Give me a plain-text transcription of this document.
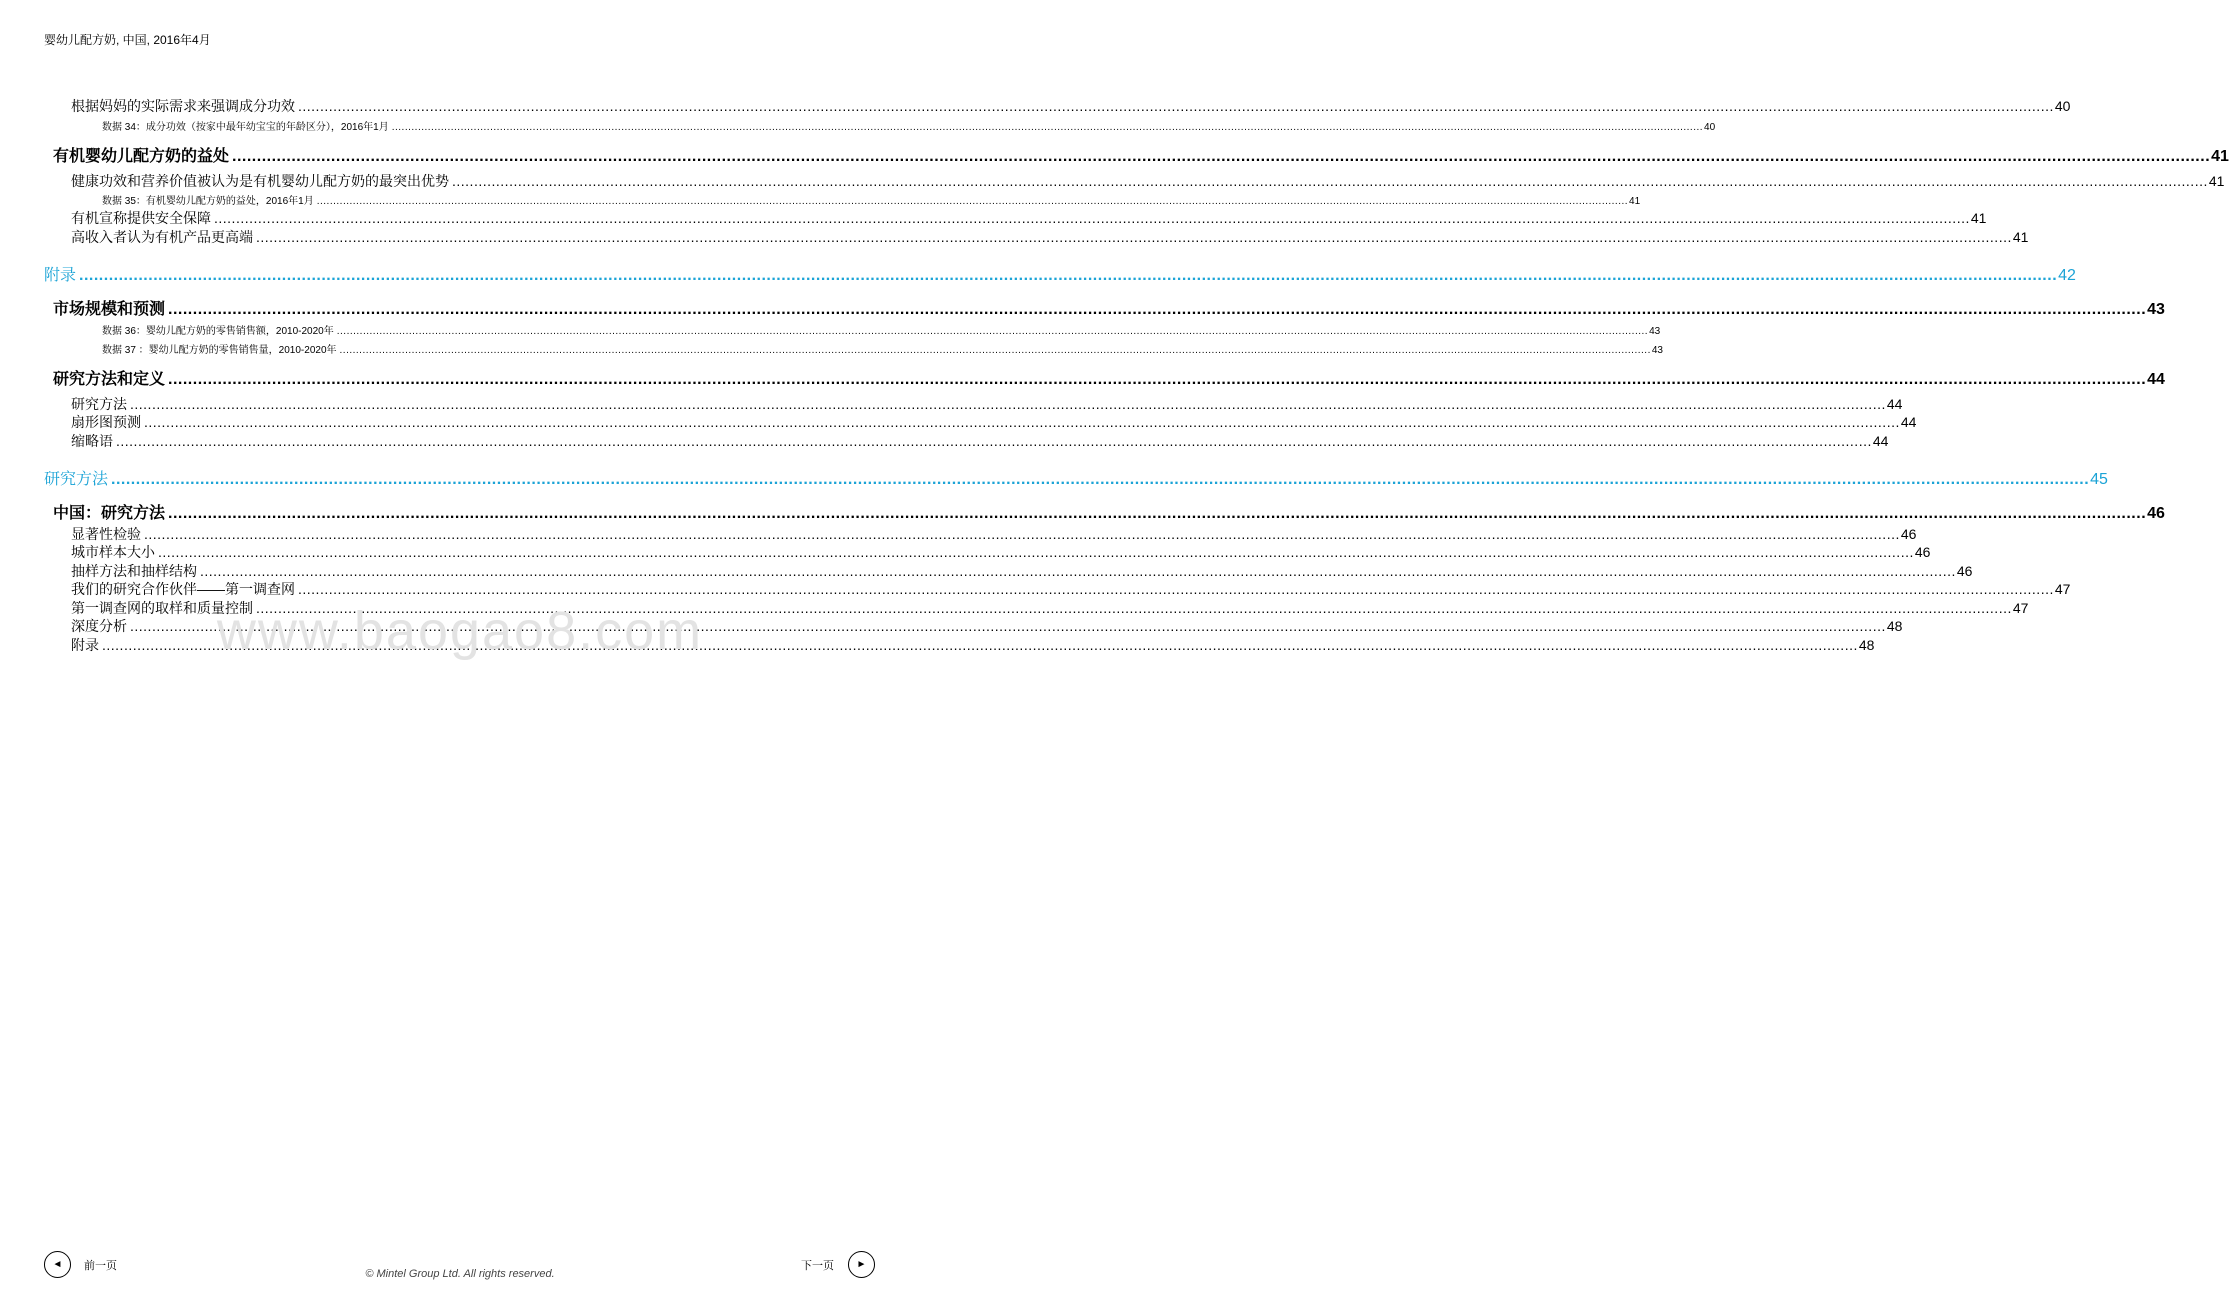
婴幼儿配方奶, 中国, 2016年4月
根据妈妈的实际需求来强调成分功效 ................................................................................................................................................................................................................................................................................................................................................................................................................ 40
数据 34：成分功效（按家中最年幼宝宝的年龄区分），2016年1月 ................................................................................................................................................................................................................................................................................................................................................................................................................ 40
有机婴幼儿配方奶的益处 ................................................................................................................................................................................................................................................................................................................................................................................................................ 41
健康功效和营养价值被认为是有机婴幼儿配方奶的最突出优势 ................................................................................................................................................................................................................................................................................................................................................................................................................ 41
数据 35：有机婴幼儿配方奶的益处，2016年1月 ................................................................................................................................................................................................................................................................................................................................................................................................................ 41
有机宣称提供安全保障 ................................................................................................................................................................................................................................................................................................................................................................................................................ 41
高收入者认为有机产品更高端 ................................................................................................................................................................................................................................................................................................................................................................................................................ 41
附录 ................................................................................................................................................................................................................................................................................................................................................................................................................ 42
市场规模和预测 ................................................................................................................................................................................................................................................................................................................................................................................................................ 43
数据 36：婴幼儿配方奶的零售销售额，2010-2020年 ................................................................................................................................................................................................................................................................................................................................................................................................................ 43
数据 37 ：婴幼儿配方奶的零售销售量，2010-2020年 ................................................................................................................................................................................................................................................................................................................................................................................................................ 43
研究方法和定义 ................................................................................................................................................................................................................................................................................................................................................................................................................ 44
研究方法 ................................................................................................................................................................................................................................................................................................................................................................................................................ 44
扇形图预测 ................................................................................................................................................................................................................................................................................................................................................................................................................ 44
缩略语 ................................................................................................................................................................................................................................................................................................................................................................................................................ 44
研究方法 ................................................................................................................................................................................................................................................................................................................................................................................................................ 45
中国：研究方法 ................................................................................................................................................................................................................................................................................................................................................................................................................ 46
显著性检验 ................................................................................................................................................................................................................................................................................................................................................................................................................ 46
城市样本大小 ................................................................................................................................................................................................................................................................................................................................................................................................................ 46
抽样方法和抽样结构 ................................................................................................................................................................................................................................................................................................................................................................................................................ 46
我们的研究合作伙伴——第一调查网 ................................................................................................................................................................................................................................................................................................................................................................................................................ 47
第一调查网的取样和质量控制 ................................................................................................................................................................................................................................................................................................................................................................................................................ 47
深度分析 ................................................................................................................................................................................................................................................................................................................................................................................................................ 48
附录 ................................................................................................................................................................................................................................................................................................................................................................................................................ 48
www.baogao8.com
◄ 前一页	下一页 ►
© Mintel Group Ltd. All rights reserved.
